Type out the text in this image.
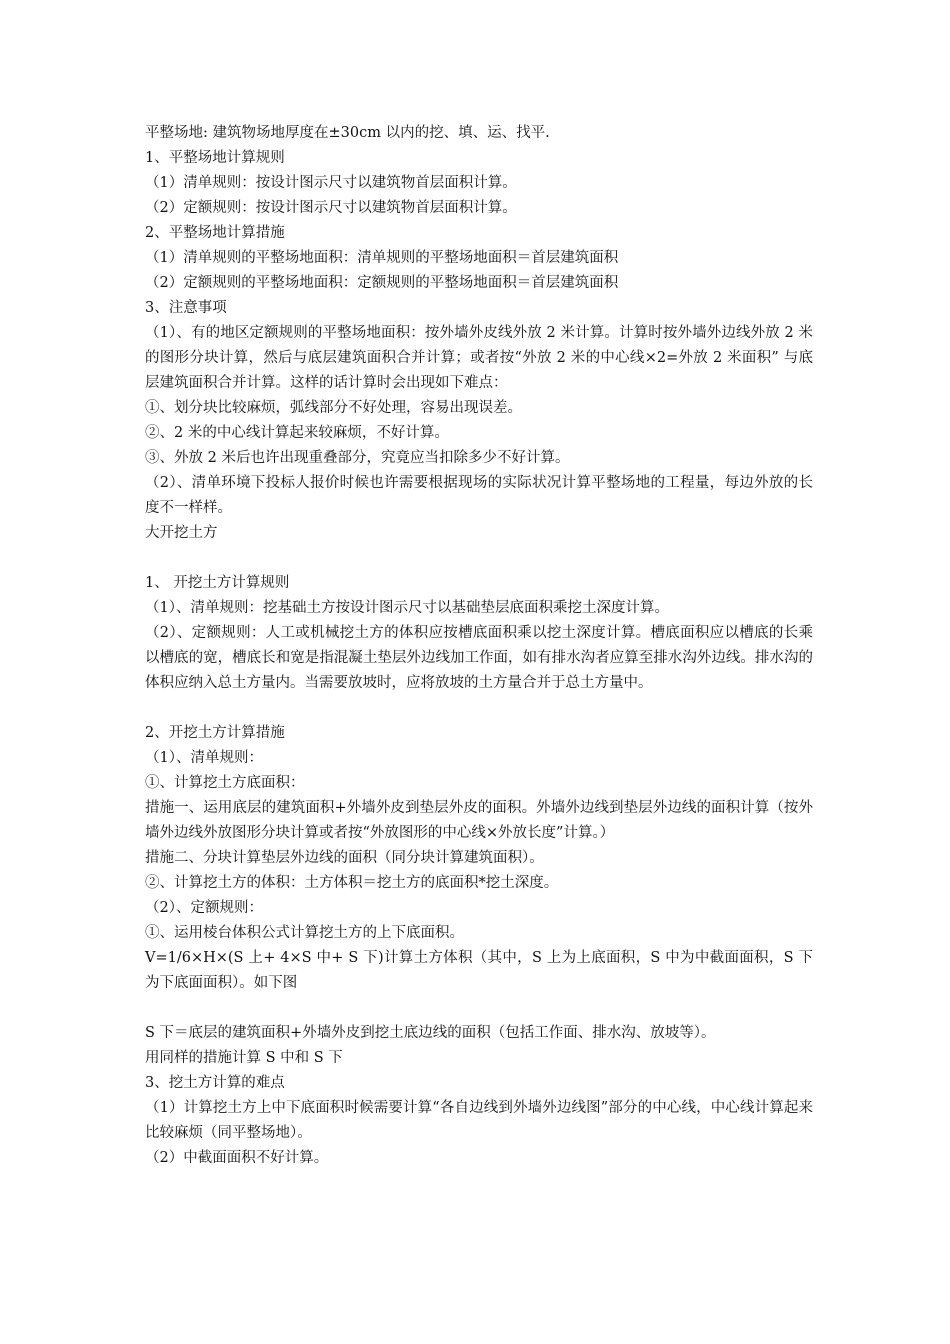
平整场地: 建筑物场地厚度在±30cm 以内的挖、填、运、找平.
1、平整场地计算规则
（1）清单规则：按设计图示尺寸以建筑物首层面积计算。
（2）定额规则：按设计图示尺寸以建筑物首层面积计算。
2、平整场地计算措施
（1）清单规则的平整场地面积：清单规则的平整场地面积＝首层建筑面积
（2）定额规则的平整场地面积：定额规则的平整场地面积＝首层建筑面积
3、注意事项
（1）、有的地区定额规则的平整场地面积：按外墙外皮线外放 2 米计算。计算时按外墙外边线外放 2 米的图形分块计算，然后与底层建筑面积合并计算；或者按“外放 2 米的中心线×2=外放 2 米面积” 与底层建筑面积合并计算。这样的话计算时会出现如下难点：
①、划分块比较麻烦，弧线部分不好处理，容易出现误差。
②、2 米的中心线计算起来较麻烦，不好计算。
③、外放 2 米后也许出现重叠部分，究竟应当扣除多少不好计算。
（2）、清单环境下投标人报价时候也许需要根据现场的实际状况计算平整场地的工程量，每边外放的长度不一样样。
大开挖土方
1、 开挖土方计算规则
（1）、清单规则：挖基础土方按设计图示尺寸以基础垫层底面积乘挖土深度计算。
（2）、定额规则：人工或机械挖土方的体积应按槽底面积乘以挖土深度计算。槽底面积应以槽底的长乘以槽底的宽，槽底长和宽是指混凝土垫层外边线加工作面，如有排水沟者应算至排水沟外边线。排水沟的体积应纳入总土方量内。当需要放坡时，应将放坡的土方量合并于总土方量中。
2、开挖土方计算措施
（1）、清单规则：
①、计算挖土方底面积：
措施一、运用底层的建筑面积+外墙外皮到垫层外皮的面积。外墙外边线到垫层外边线的面积计算（按外墙外边线外放图形分块计算或者按“外放图形的中心线×外放长度”计算。）
措施二、分块计算垫层外边线的面积（同分块计算建筑面积）。
②、计算挖土方的体积：土方体积＝挖土方的底面积*挖土深度。
（2）、定额规则：
①、运用棱台体积公式计算挖土方的上下底面积。
V=1/6×H×(S 上+ 4×S 中+ S 下)计算土方体积（其中，S 上为上底面积，S 中为中截面面积，S 下为下底面面积）。如下图
S 下＝底层的建筑面积+外墙外皮到挖土底边线的面积（包括工作面、排水沟、放坡等）。
用同样的措施计算 S 中和 S 下
3、挖土方计算的难点
（1）计算挖土方上中下底面积时候需要计算“各自边线到外墙外边线图”部分的中心线，中心线计算起来比较麻烦（同平整场地）。
（2）中截面面积不好计算。
